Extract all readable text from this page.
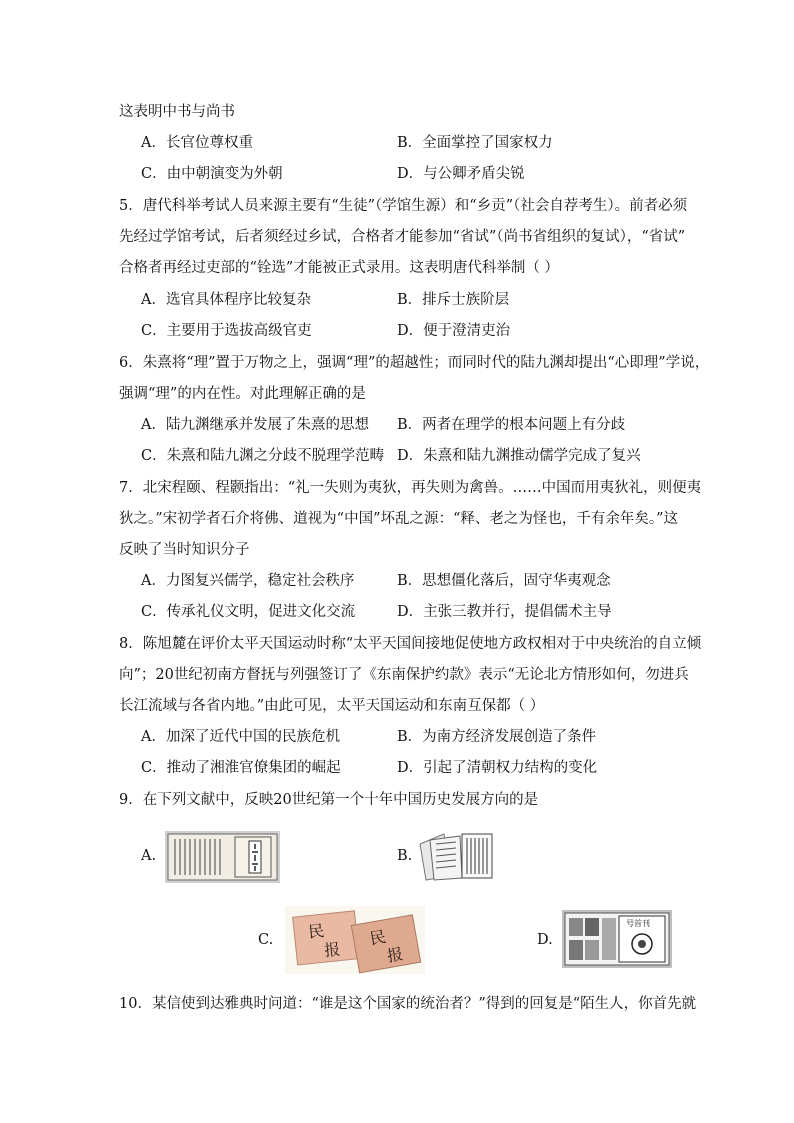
这表明中书与尚书
A．长官位尊权重	B．全面掌控了国家权力
C．由中朝演变为外朝	D．与公卿矛盾尖锐
5．唐代科举考试人员来源主要有“生徒”（学馆生源）和“乡贡”（社会自荐考生）。前者必须
先经过学馆考试，后者须经过乡试，合格者才能参加“省试”（尚书省组织的复试），“省试”
合格者再经过吏部的“铨选”才能被正式录用。这表明唐代科举制（ ）
A．选官具体程序比较复杂	B．排斥士族阶层
C．主要用于选拔高级官吏	D．便于澄清吏治
6．朱熹将“理”置于万物之上，强调“理”的超越性；而同时代的陆九渊却提出“心即理”学说，
强调“理”的内在性。对此理解正确的是
A．陆九渊继承并发展了朱熹的思想 B．两者在理学的根本问题上有分歧
C．朱熹和陆九渊之分歧不脱理学范畴 D．朱熹和陆九渊推动儒学完成了复兴
7．北宋程颐、程颢指出：“礼一失则为夷狄，再失则为禽兽。……中国而用夷狄礼，则便夷
狄之。”宋初学者石介将佛、道视为“中国”坏乱之源：“释、老之为怪也，千有余年矣。”这
反映了当时知识分子
A．力图复兴儒学，稳定社会秩序	B．思想僵化落后，固守华夷观念
C．传承礼仪文明，促进文化交流	D．主张三教并行，提倡儒术主导
8．陈旭麓在评价太平天国运动时称“太平天国间接地促使地方政权相对于中央统治的自立倾
向”；20世纪初南方督抚与列强签订了《东南保护约款》表示“无论北方情形如何，勿进兵
长江流域与各省内地。”由此可见，太平天国运动和东南互保都（ ）
A．加深了近代中国的民族危机	B．为南方经济发展创造了条件
C．推动了湘淮官僚集团的崛起	D．引起了清朝权力结构的变化
9．在下列文献中，反映20世纪第一个十年中国历史发展方向的是
A.	B.
C. 民
报
民
报
D.
号首刊
10．某信使到达雅典时问道：“谁是这个国家的统治者？”得到的回复是“陌生人，你首先就
